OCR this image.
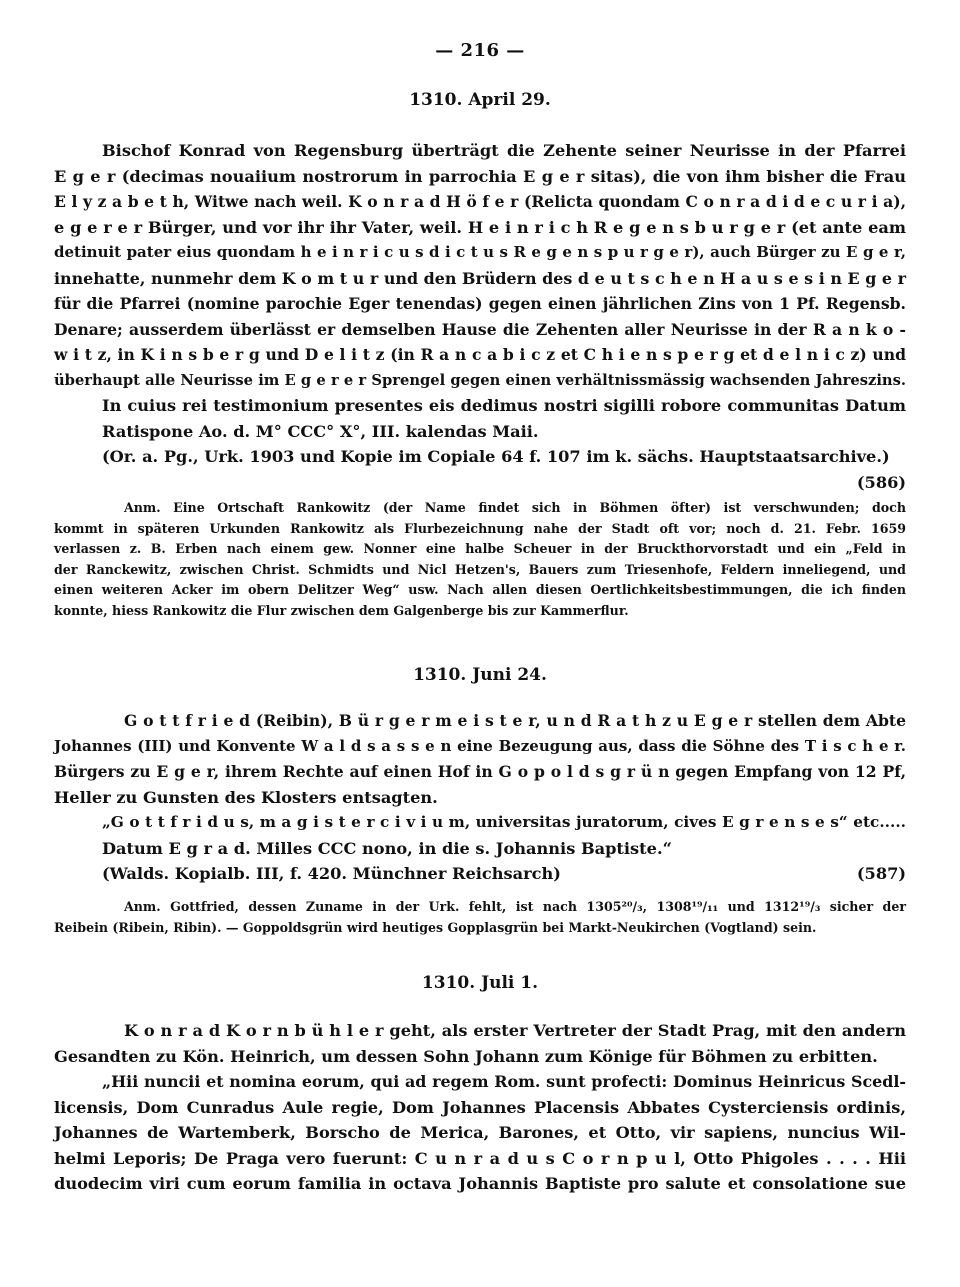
— 216 —
1310. April 29.
Bischof Konrad von Regensburg überträgt die Zehente seiner Neurisse in der Pfarrei
E g e r (decimas nouaiium nostrorum in parrochia E g e r sitas), die von ihm bisher die Frau
E l y z a b e t h, Witwe nach weil. K o n r a d H ö f e r (Relicta quondam C o n r a d i d e c u r i a),
e g e r e r Bürger, und vor ihr ihr Vater, weil. H e i n r i c h R e g e n s b u r g e r (et ante eam
detinuit pater eius quondam h e i n r i c u s d i c t u s R e g e n s p u r g e r), auch Bürger zu E g e r,
innehatte, nunmehr dem K o m t u r und den Brüdern des d e u t s c h e n H a u s e s i n E g e r
für die Pfarrei (nomine parochie Eger tenendas) gegen einen jährlichen Zins von 1 Pf. Regensb.
Denare; ausserdem überlässt er demselben Hause die Zehenten aller Neurisse in der R a n k o -
w i t z, in K i n s b e r g und D e l i t z (in R a n c a b i c z et C h i e n s p e r g et d e l n i c z) und
überhaupt alle Neurisse im E g e r e r Sprengel gegen einen verhältnissmässig wachsenden Jahreszins.
In cuius rei testimonium presentes eis dedimus nostri sigilli robore communitas Datum
Ratispone Ao. d. M° CCC° X°, III. kalendas Maii.
(Or. a. Pg., Urk. 1903 und Kopie im Copiale 64 f. 107 im k. sächs. Hauptstaatsarchive.)
(586)
Anm. Eine Ortschaft Rankowitz (der Name findet sich in Böhmen öfter) ist verschwunden; doch
kommt in späteren Urkunden Rankowitz als Flurbezeichnung nahe der Stadt oft vor; noch d. 21. Febr. 1659
verlassen z. B. Erben nach einem gew. Nonner eine halbe Scheuer in der Bruckthorvorstadt und ein „Feld in
der Ranckewitz, zwischen Christ. Schmidts und Nicl Hetzen's, Bauers zum Triesenhofe, Feldern inneliegend, und
einen weiteren Acker im obern Delitzer Weg“ usw. Nach allen diesen Oertlichkeitsbestimmungen, die ich finden
konnte, hiess Rankowitz die Flur zwischen dem Galgenberge bis zur Kammerflur.
1310. Juni 24.
G o t t f r i e d (Reibin), B ü r g e r m e i s t e r, u n d R a t h z u E g e r stellen dem Abte
Johannes (III) und Konvente W a l d s a s s e n eine Bezeugung aus, dass die Söhne des T i s c h e r.
Bürgers zu E g e r, ihrem Rechte auf einen Hof in G o p o l d s g r ü n gegen Empfang von 12 Pf,
Heller zu Gunsten des Klosters entsagten.
„G o t t f r i d u s, m a g i s t e r c i v i u m, universitas juratorum, cives E g r e n s e s“ etc.....
Datum E g r a d. Milles CCC nono, in die s. Johannis Baptiste.“
(Walds. Kopialb. III, f. 420. Münchner Reichsarch)	(587)
Anm. Gottfried, dessen Zuname in der Urk. fehlt, ist nach 1305²⁰/₃, 1308¹⁹/₁₁ und 1312¹⁹/₃ sicher der
Reibein (Ribein, Ribin). — Goppoldsgrün wird heutiges Gopplasgrün bei Markt-Neukirchen (Vogtland) sein.
1310. Juli 1.
K o n r a d K o r n b ü h l e r geht, als erster Vertreter der Stadt Prag, mit den andern
Gesandten zu Kön. Heinrich, um dessen Sohn Johann zum Könige für Böhmen zu erbitten.
„Hii nuncii et nomina eorum, qui ad regem Rom. sunt profecti: Dominus Heinricus Scedl-
licensis, Dom Cunradus Aule regie, Dom Johannes Placensis Abbates Cysterciensis ordinis,
Johannes de Wartemberk, Borscho de Merica, Barones, et Otto, vir sapiens, nuncius Wil-
helmi Leporis; De Praga vero fuerunt: C u n r a d u s C o r n p u l, Otto Phigoles . . . . Hii
duodecim viri cum eorum familia in octava Johannis Baptiste pro salute et consolatione sue
